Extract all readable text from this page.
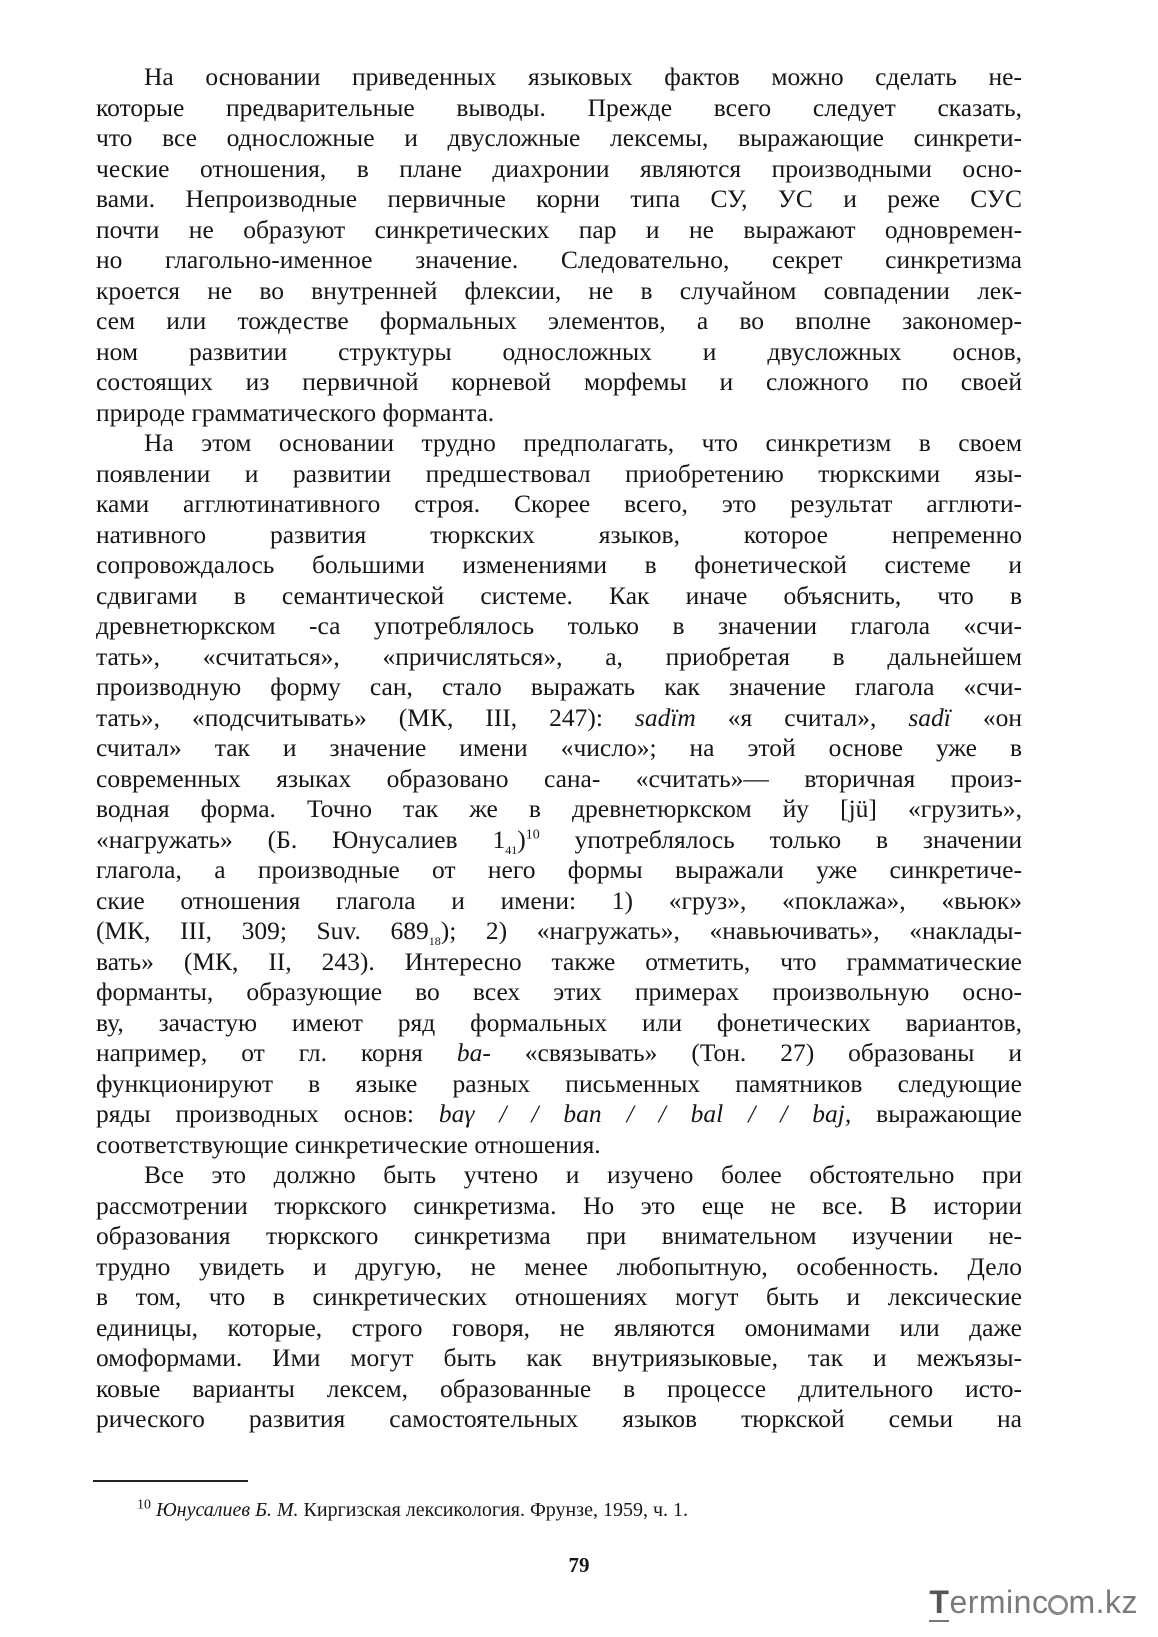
На основании приведенных языковых фактов можно сделать не-
которые предварительные выводы. Прежде всего следует сказать,
что все односложные и двусложные лексемы, выражающие синкрети-
ческие отношения, в плане диахронии являются производными осно-
вами. Непроизводные первичные корни типа СУ, УС и реже СУС
почти не образуют синкретических пар и не выражают одновремен-
но глагольно-именное значение. Следовательно, секрет синкретизма
кроется не во внутренней флексии, не в случайном совпадении лек-
сем или тождестве формальных элементов, а во вполне закономер-
ном развитии структуры односложных и двусложных основ,
состоящих из первичной корневой морфемы и сложного по своей
природе грамматического форманта.

На этом основании трудно предполагать, что синкретизм в своем
появлении и развитии предшествовал приобретению тюркскими язы-
ками агглютинативного строя. Скорее всего, это результат агглюти-
нативного развития тюркских языков, которое непременно
сопровождалось большими изменениями в фонетической системе и
сдвигами в семантической системе. Как иначе объяснить, что в
древнетюркском -са употреблялось только в значении глагола «счи-
тать», «считаться», «причисляться», а, приобретая в дальнейшем
производную форму сан, стало выражать как значение глагола «счи-
тать», «подсчитывать» (МК, III, 247): sadïm «я считал», sadï «он
считал» так и значение имени «число»; на этой основе уже в
современных языках образовано сана- «считать»— вторичная произ-
водная форма. Точно так же в древнетюркском йу [jü] «грузить»,
«нагружать» (Б. Юнусалиев $1_{41})^{10}$ употреблялось только в значении
глагола, а производные от него формы выражали уже синкретиче-
ские отношения глагола и имени: 1) «груз», «поклажа», «вьюк»
(МК, III, 309; Suv. $689_{18}$); 2) «нагружать», «навьючивать», «наклады-
вать» (МК, II, 243). Интересно также отметить, что грамматические
форманты, образующие во всех этих примерах произвольную осно-
ву, зачастую имеют ряд формальных или фонетических вариантов,
например, от гл. корня ba- «связывать» (Тон. 27) образованы и
функционируют в языке разных письменных памятников следующие
ряды производных основ: baγ / / ban / / bal / / baj, выражающие
соответствующие синкретические отношения.

Все это должно быть учтено и изучено более обстоятельно при
рассмотрении тюркского синкретизма. Но это еще не все. В истории
образования тюркского синкретизма при внимательном изучении не-
трудно увидеть и другую, не менее любопытную, особенность. Дело
в том, что в синкретических отношениях могут быть и лексические
единицы, которые, строго говоря, не являются омонимами или даже
омоформами. Ими могут быть как внутриязыковые, так и межъязы-
ковые варианты лексем, образованные в процессе длительного исто-
рического развития самостоятельных языков тюркской семьи на

$^{10}$ Юнусалиев Б. М. Киргизская лексикология. Фрунзе, 1959, ч. 1.
79
Terminc m.kz
